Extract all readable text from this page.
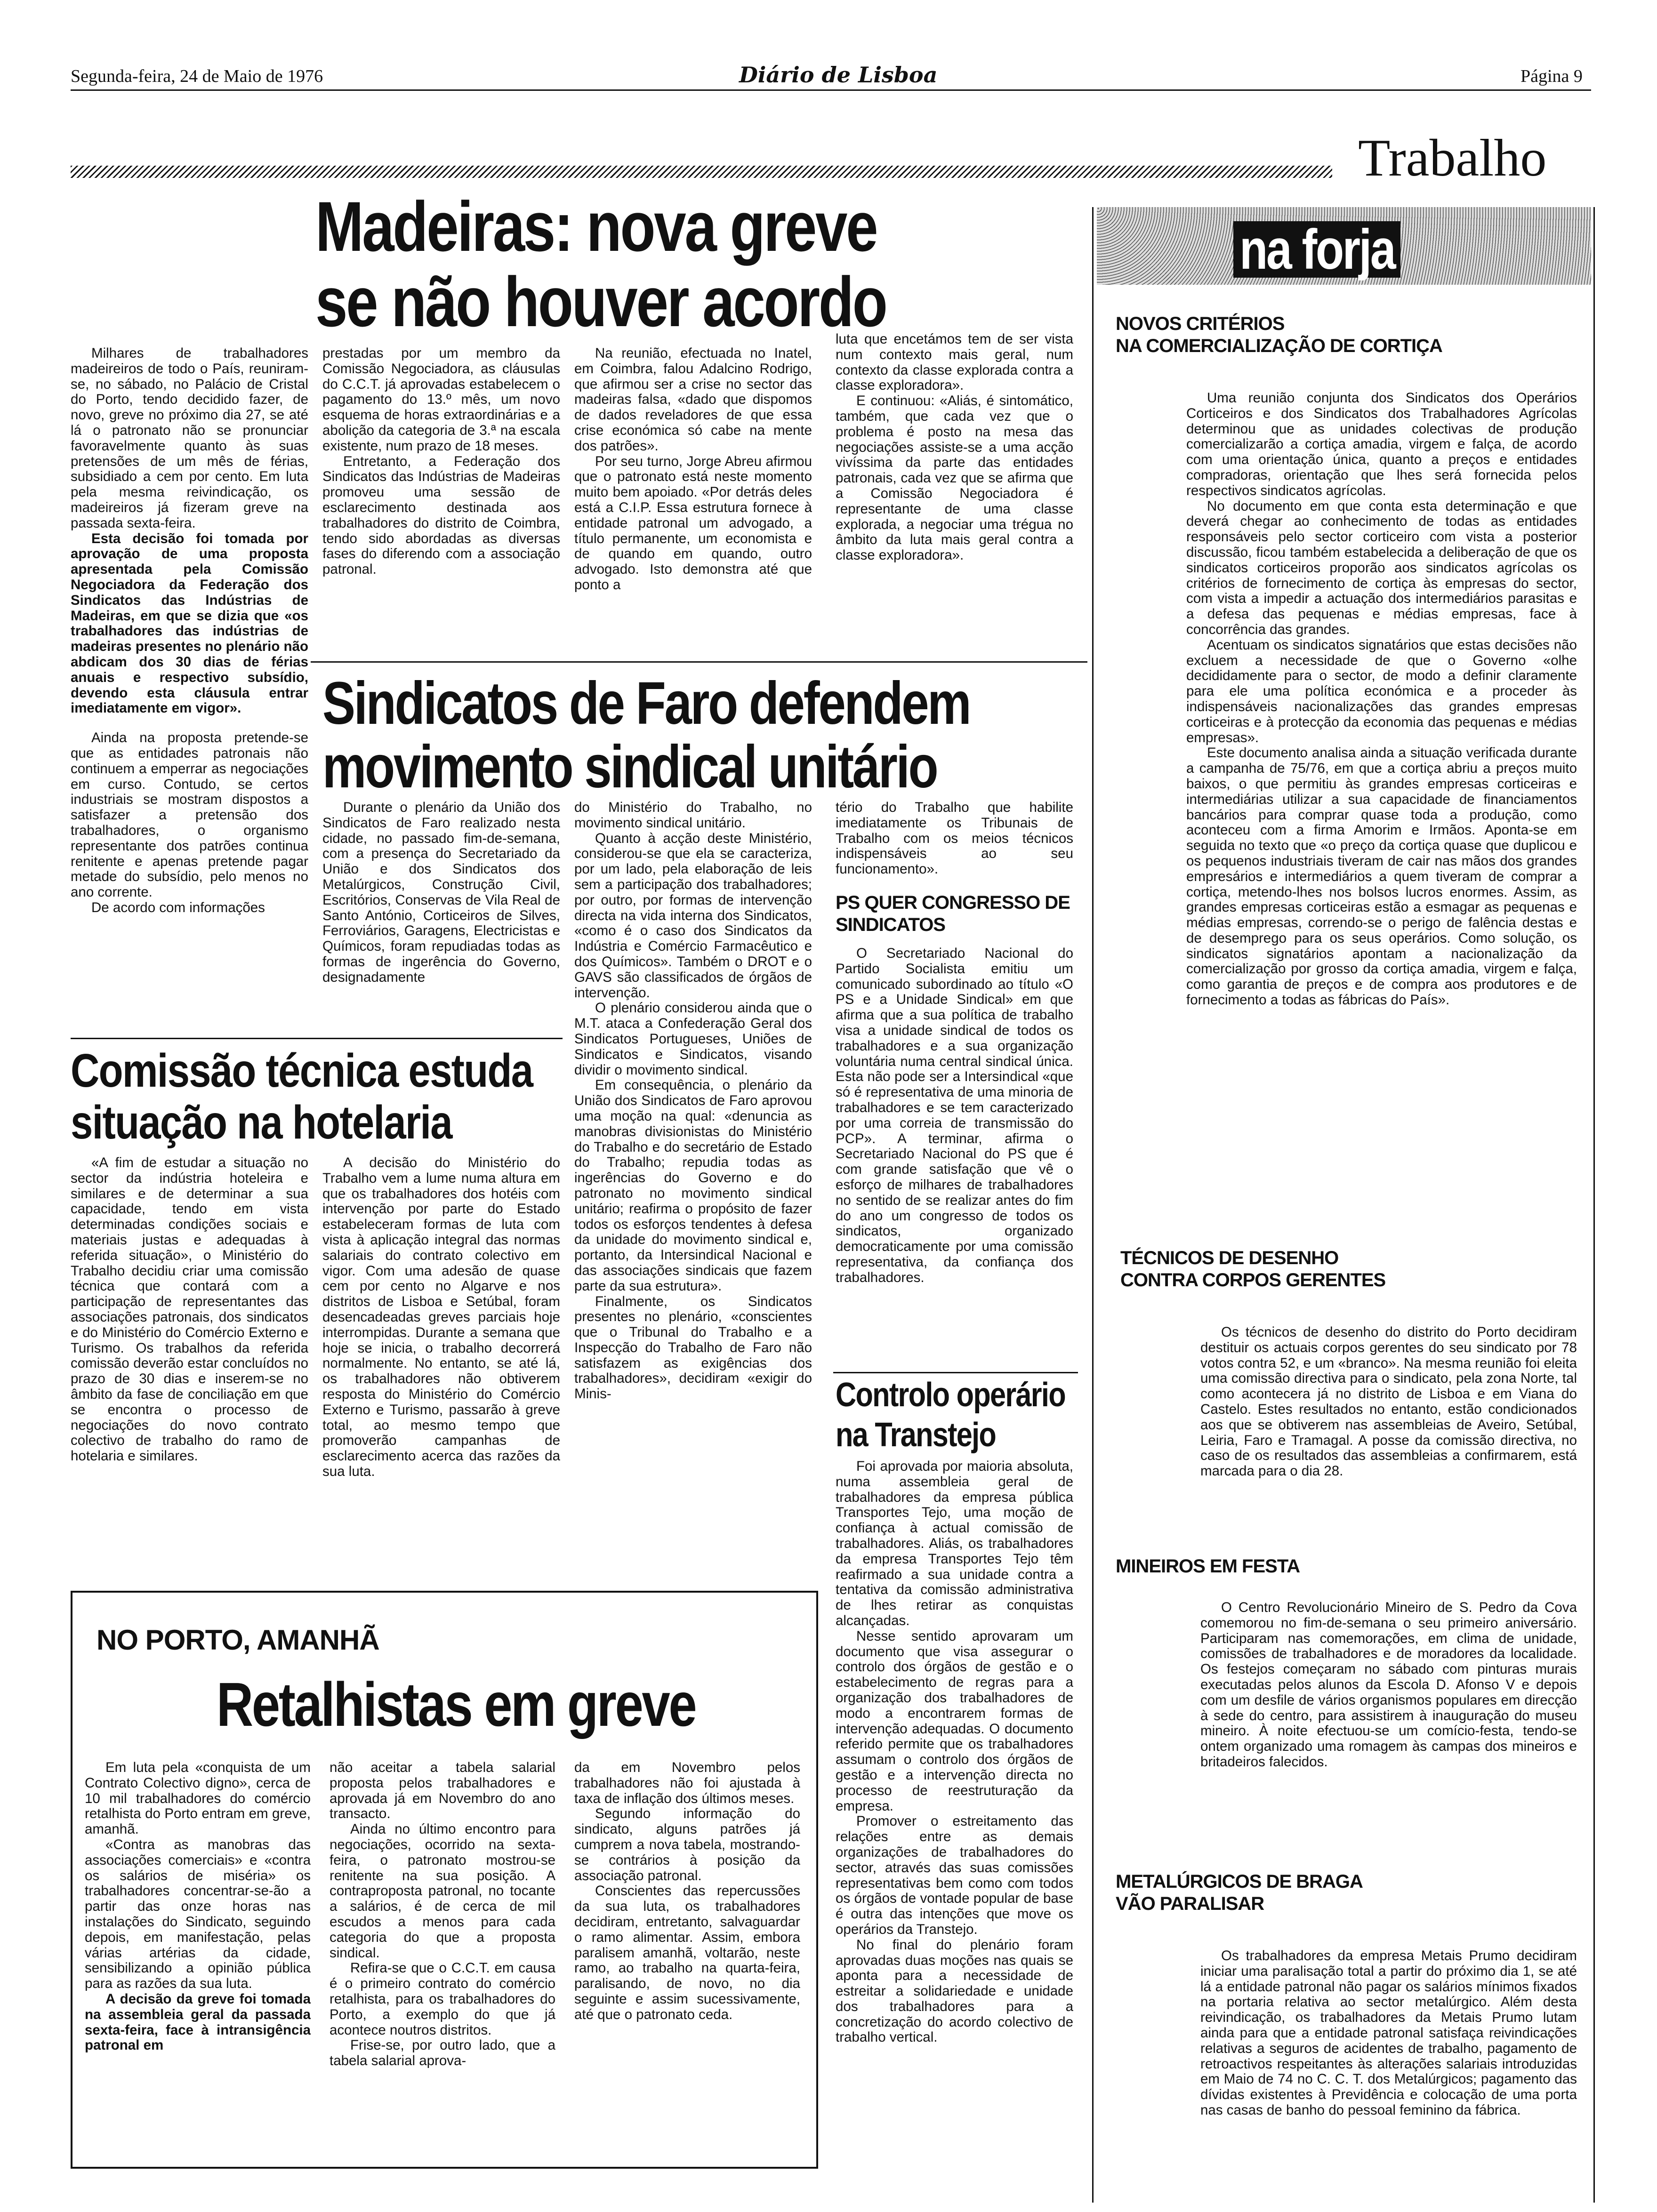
Segunda-feira, 24 de Maio de 1976	Diário de Lisboa	Página 9
Trabalho
Madeiras: nova greve
se não houver acordo

Milhares de trabalhadores madeireiros de todo o País, reuniram-se, no sábado, no Palácio de Cristal do Porto, tendo decidido fazer, de novo, greve no próximo dia 27, se até lá o patronato não se pronunciar favoravelmente quanto às suas pretensões de um mês de férias, subsidiado a cem por cento. Em luta pela mesma reivindicação, os madeireiros já fizeram greve na passada sexta-feira.

Esta decisão foi tomada por aprovação de uma proposta apresentada pela Comissão Negociadora da Federação dos Sindicatos das Indústrias de Madeiras, em que se dizia que «os trabalhadores das indústrias de madeiras presentes no plenário não abdicam dos 30 dias de férias anuais e respectivo subsídio, devendo esta cláusula entrar imediatamente em vigor».

Ainda na proposta pretende-se que as entidades patronais não continuem a emperrar as negociações em curso. Contudo, se certos industriais se mostram dispostos a satisfazer a pretensão dos trabalhadores, o organismo representante dos patrões continua renitente e apenas pretende pagar metade do subsídio, pelo menos no ano corrente.

De acordo com informações

prestadas por um membro da Comissão Negociadora, as cláusulas do C.C.T. já aprovadas estabelecem o pagamento do 13.º mês, um novo esquema de horas extraordinárias e a abolição da categoria de 3.ª na escala existente, num prazo de 18 meses.

Entretanto, a Federação dos Sindicatos das Indústrias de Madeiras promoveu uma sessão de esclarecimento destinada aos trabalhadores do distrito de Coimbra, tendo sido abordadas as diversas fases do diferendo com a associação patronal.

Na reunião, efectuada no Inatel, em Coimbra, falou Adalcino Rodrigo, que afirmou ser a crise no sector das madeiras falsa, «dado que dispomos de dados reveladores de que essa crise económica só cabe na mente dos patrões».

Por seu turno, Jorge Abreu afirmou que o patronato está neste momento muito bem apoiado. «Por detrás deles está a C.I.P. Essa estrutura fornece à entidade patronal um advogado, a título permanente, um economista e de quando em quando, outro advogado. Isto demonstra até que ponto a

luta que encetámos tem de ser vista num contexto mais geral, num contexto da classe explorada contra a classe exploradora».

E continuou: «Aliás, é sintomático, também, que cada vez que o problema é posto na mesa das negociações assiste-se a uma acção vivíssima da parte das entidades patronais, cada vez que se afirma que a Comissão Negociadora é representante de uma classe explorada, a negociar uma trégua no âmbito da luta mais geral contra a classe exploradora».

Sindicatos de Faro defendem
movimento sindical unitário

Durante o plenário da União dos Sindicatos de Faro realizado nesta cidade, no passado fim-de-semana, com a presença do Secretariado da União e dos Sindicatos dos Metalúrgicos, Construção Civil, Escritórios, Conservas de Vila Real de Santo António, Corticeiros de Silves, Ferroviários, Garagens, Electricistas e Químicos, foram repudiadas todas as formas de ingerência do Governo, designadamente

do Ministério do Trabalho, no movimento sindical unitário.

Quanto à acção deste Ministério, considerou-se que ela se caracteriza, por um lado, pela elaboração de leis sem a participação dos trabalhadores; por outro, por formas de intervenção directa na vida interna dos Sindicatos, «como é o caso dos Sindicatos da Indústria e Comércio Farmacêutico e dos Químicos». Também o DROT e o GAVS são classificados de órgãos de intervenção.

O plenário considerou ainda que o M.T. ataca a Confederação Geral dos Sindicatos Portugueses, Uniões de Sindicatos e Sindicatos, visando dividir o movimento sindical.

Em consequência, o plenário da União dos Sindicatos de Faro aprovou uma moção na qual: «denuncia as manobras divisionistas do Ministério do Trabalho e do secretário de Estado do Trabalho; repudia todas as ingerências do Governo e do patronato no movimento sindical unitário; reafirma o propósito de fazer todos os esforços tendentes à defesa da unidade do movimento sindical e, portanto, da Intersindical Nacional e das associações sindicais que fazem parte da sua estrutura».

Finalmente, os Sindicatos presentes no plenário, «conscientes que o Tribunal do Trabalho e a Inspecção do Trabalho de Faro não satisfazem as exigências dos trabalhadores», decidiram «exigir do Minis-

tério do Trabalho que habilite imediatamente os Tribunais de Trabalho com os meios técnicos indispensáveis ao seu funcionamento».

PS QUER CONGRESSO DE SINDICATOS

O Secretariado Nacional do Partido Socialista emitiu um comunicado subordinado ao título «O PS e a Unidade Sindical» em que afirma que a sua política de trabalho visa a unidade sindical de todos os trabalhadores e a sua organização voluntária numa central sindical única. Esta não pode ser a Intersindical «que só é representativa de uma minoria de trabalhadores e se tem caracterizado por uma correia de transmissão do PCP». A terminar, afirma o Secretariado Nacional do PS que é com grande satisfação que vê o esforço de milhares de trabalhadores no sentido de se realizar antes do fim do ano um congresso de todos os sindicatos, organizado democraticamente por uma comissão representativa, da confiança dos trabalhadores.

Comissão técnica estuda
situação na hotelaria

«A fim de estudar a situação no sector da indústria hoteleira e similares e de determinar a sua capacidade, tendo em vista determinadas condições sociais e materiais justas e adequadas à referida situação», o Ministério do Trabalho decidiu criar uma comissão técnica que contará com a participação de representantes das associações patronais, dos sindicatos e do Ministério do Comércio Externo e Turismo. Os trabalhos da referida comissão deverão estar concluídos no prazo de 30 dias e inserem-se no âmbito da fase de conciliação em que se encontra o processo de negociações do novo contrato colectivo de trabalho do ramo de hotelaria e similares.

A decisão do Ministério do Trabalho vem a lume numa altura em que os trabalhadores dos hotéis com intervenção por parte do Estado estabeleceram formas de luta com vista à aplicação integral das normas salariais do contrato colectivo em vigor. Com uma adesão de quase cem por cento no Algarve e nos distritos de Lisboa e Setúbal, foram desencadeadas greves parciais hoje interrompidas. Durante a semana que hoje se inicia, o trabalho decorrerá normalmente. No entanto, se até lá, os trabalhadores não obtiverem resposta do Ministério do Comércio Externo e Turismo, passarão à greve total, ao mesmo tempo que promoverão campanhas de esclarecimento acerca das razões da sua luta.

Controlo operário
na Transtejo

Foi aprovada por maioria absoluta, numa assembleia geral de trabalhadores da empresa pública Transportes Tejo, uma moção de confiança à actual comissão de trabalhadores. Aliás, os trabalhadores da empresa Transportes Tejo têm reafirmado a sua unidade contra a tentativa da comissão administrativa de lhes retirar as conquistas alcançadas.

Nesse sentido aprovaram um documento que visa assegurar o controlo dos órgãos de gestão e o estabelecimento de regras para a organização dos trabalhadores de modo a encontrarem formas de intervenção adequadas. O documento referido permite que os trabalhadores assumam o controlo dos órgãos de gestão e a intervenção directa no processo de reestruturação da empresa.

Promover o estreitamento das relações entre as demais organizações de trabalhadores do sector, através das suas comissões representativas bem como com todos os órgãos de vontade popular de base é outra das intenções que move os operários da Transtejo.

No final do plenário foram aprovadas duas moções nas quais se aponta para a necessidade de estreitar a solidariedade e unidade dos trabalhadores para a concretização do acordo colectivo de trabalho vertical.

NO PORTO, AMANHÃ
Retalhistas em greve

Em luta pela «conquista de um Contrato Colectivo digno», cerca de 10 mil trabalhadores do comércio retalhista do Porto entram em greve, amanhã.

«Contra as manobras das associações comerciais» e «contra os salários de miséria» os trabalhadores concentrar-se-ão a partir das onze horas nas instalações do Sindicato, seguindo depois, em manifestação, pelas várias artérias da cidade, sensibilizando a opinião pública para as razões da sua luta.

A decisão da greve foi tomada na assembleia geral da passada sexta-feira, face à intransigência patronal em

não aceitar a tabela salarial proposta pelos trabalhadores e aprovada já em Novembro do ano transacto.

Ainda no último encontro para negociações, ocorrido na sexta-feira, o patronato mostrou-se renitente na sua posição. A contraproposta patronal, no tocante a salários, é de cerca de mil escudos a menos para cada categoria do que a proposta sindical.

Refira-se que o C.C.T. em causa é o primeiro contrato do comércio retalhista, para os trabalhadores do Porto, a exemplo do que já acontece noutros distritos.

Frise-se, por outro lado, que a tabela salarial aprova-

da em Novembro pelos trabalhadores não foi ajustada à taxa de inflação dos últimos meses.

Segundo informação do sindicato, alguns patrões já cumprem a nova tabela, mostrando-se contrários à posição da associação patronal.

Conscientes das repercussões da sua luta, os trabalhadores decidiram, entretanto, salvaguardar o ramo alimentar. Assim, embora paralisem amanhã, voltarão, neste ramo, ao trabalho na quarta-feira, paralisando, de novo, no dia seguinte e assim sucessivamente, até que o patronato ceda.

na forja
NOVOS CRITÉRIOS
NA COMERCIALIZAÇÃO DE CORTIÇA

Uma reunião conjunta dos Sindicatos dos Operários Corticeiros e dos Sindicatos dos Trabalhadores Agrícolas determinou que as unidades colectivas de produção comercializarão a cortiça amadia, virgem e falça, de acordo com uma orientação única, quanto a preços e entidades compradoras, orientação que lhes será fornecida pelos respectivos sindicatos agrícolas.

No documento em que conta esta determinação e que deverá chegar ao conhecimento de todas as entidades responsáveis pelo sector corticeiro com vista a posterior discussão, ficou também estabelecida a deliberação de que os sindicatos corticeiros proporão aos sindicatos agrícolas os critérios de fornecimento de cortiça às empresas do sector, com vista a impedir a actuação dos intermediários parasitas e a defesa das pequenas e médias empresas, face à concorrência das grandes.

Acentuam os sindicatos signatários que estas decisões não excluem a necessidade de que o Governo «olhe decididamente para o sector, de modo a definir claramente para ele uma política económica e a proceder às indispensáveis nacionalizações das grandes empresas corticeiras e à protecção da economia das pequenas e médias empresas».

Este documento analisa ainda a situação verificada durante a campanha de 75/76, em que a cortiça abriu a preços muito baixos, o que permitiu às grandes empresas corticeiras e intermediárias utilizar a sua capacidade de financiamentos bancários para comprar quase toda a produção, como aconteceu com a firma Amorim e Irmãos. Aponta-se em seguida no texto que «o preço da cortiça quase que duplicou e os pequenos industriais tiveram de cair nas mãos dos grandes empresários e intermediários a quem tiveram de comprar a cortiça, metendo-lhes nos bolsos lucros enormes. Assim, as grandes empresas corticeiras estão a esmagar as pequenas e médias empresas, correndo-se o perigo de falência destas e de desemprego para os seus operários. Como solução, os sindicatos signatários apontam a nacionalização da comercialização por grosso da cortiça amadia, virgem e falça, como garantia de preços e de compra aos produtores e de fornecimento a todas as fábricas do País».

TÉCNICOS DE DESENHO
CONTRA CORPOS GERENTES

Os técnicos de desenho do distrito do Porto decidiram destituir os actuais corpos gerentes do seu sindicato por 78 votos contra 52, e um «branco». Na mesma reunião foi eleita uma comissão directiva para o sindicato, pela zona Norte, tal como acontecera já no distrito de Lisboa e em Viana do Castelo. Estes resultados no entanto, estão condicionados aos que se obtiverem nas assembleias de Aveiro, Setúbal, Leiria, Faro e Tramagal. A posse da comissão directiva, no caso de os resultados das assembleias a confirmarem, está marcada para o dia 28.

MINEIROS EM FESTA

O Centro Revolucionário Mineiro de S. Pedro da Cova comemorou no fim-de-semana o seu primeiro aniversário. Participaram nas comemorações, em clima de unidade, comissões de trabalhadores e de moradores da localidade. Os festejos começaram no sábado com pinturas murais executadas pelos alunos da Escola D. Afonso V e depois com um desfile de vários organismos populares em direcção à sede do centro, para assistirem à inauguração do museu mineiro. À noite efectuou-se um comício-festa, tendo-se ontem organizado uma romagem às campas dos mineiros e britadeiros falecidos.

METALÚRGICOS DE BRAGA
VÃO PARALISAR

Os trabalhadores da empresa Metais Prumo decidiram iniciar uma paralisação total a partir do próximo dia 1, se até lá a entidade patronal não pagar os salários mínimos fixados na portaria relativa ao sector metalúrgico. Além desta reivindicação, os trabalhadores da Metais Prumo lutam ainda para que a entidade patronal satisfaça reivindicações relativas a seguros de acidentes de trabalho, pagamento de retroactivos respeitantes às alterações salariais introduzidas em Maio de 74 no C. C. T. dos Metalúrgicos; pagamento das dívidas existentes à Previdência e colocação de uma porta nas casas de banho do pessoal feminino da fábrica.
